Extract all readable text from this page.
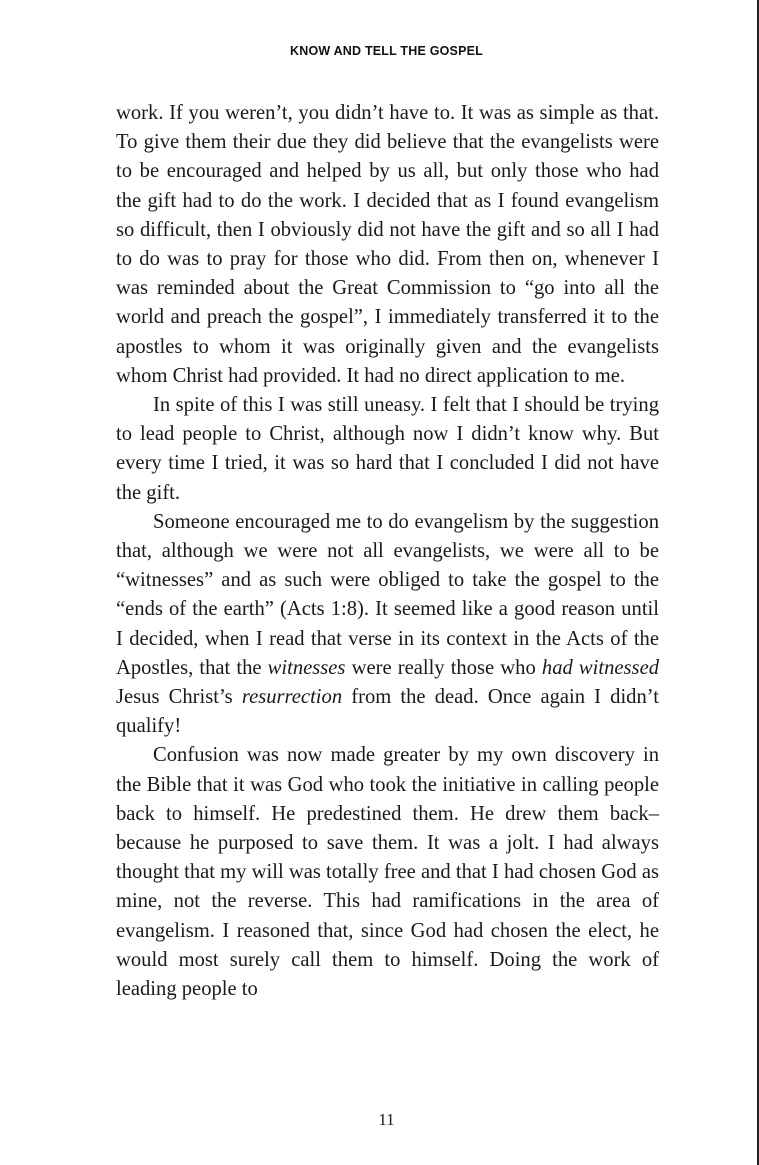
KNOW AND TELL THE GOSPEL

work. If you weren’t, you didn’t have to. It was as simple as that. To give them their due they did believe that the evangelists were to be encouraged and helped by us all, but only those who had the gift had to do the work. I decided that as I found evangelism so difficult, then I obviously did not have the gift and so all I had to do was to pray for those who did. From then on, whenever I was reminded about the Great Commission to “go into all the world and preach the gospel”, I immediately transferred it to the apostles to whom it was originally given and the evangelists whom Christ had provided. It had no direct application to me.

In spite of this I was still uneasy. I felt that I should be trying to lead people to Christ, although now I didn’t know why. But every time I tried, it was so hard that I concluded I did not have the gift.

Someone encouraged me to do evangelism by the suggestion that, although we were not all evangelists, we were all to be “witnesses” and as such were obliged to take the gospel to the “ends of the earth” (Acts 1:8). It seemed like a good reason until I decided, when I read that verse in its context in the Acts of the Apostles, that the witnesses were really those who had witnessed Jesus Christ’s resurrection from the dead. Once again I didn’t qualify!

Confusion was now made greater by my own discovery in the Bible that it was God who took the initiative in calling people back to himself. He predestined them. He drew them back–because he purposed to save them. It was a jolt. I had always thought that my will was totally free and that I had chosen God as mine, not the reverse. This had ramifications in the area of evangelism. I reasoned that, since God had chosen the elect, he would most surely call them to himself. Doing the work of leading people to

11
